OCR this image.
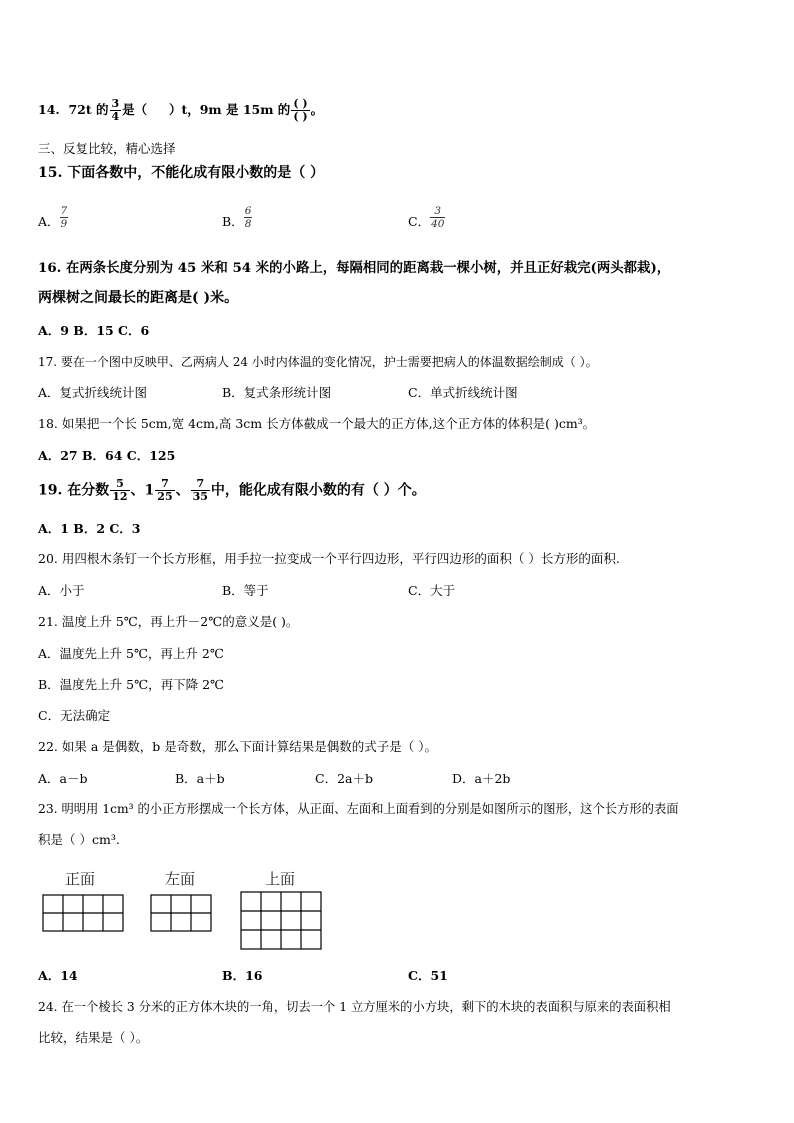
14. 72t 的 $\frac{3}{4}$ 是（ ）t，9m 是 15m 的 $\frac{( )}{( )}$ 。
三、反复比较，精心选择
15. 下面各数中，不能化成有限小数的是（ ）
A． $\frac{7}{9}$	B． $\frac{6}{8}$	C． $\frac{3}{40}$
16. 在两条长度分别为 45 米和 54 米的小路上，每隔相同的距离栽一棵小树，并且正好栽完(两头都栽)，
两棵树之间最长的距离是( )米。
A．9 B．15 C．6
17. 要在一个图中反映甲、乙两病人 24 小时内体温的变化情况，护士需要把病人的体温数据绘制成（ ）。
A．复式折线统计图	B．复式条形统计图	C．单式折线统计图
18. 如果把一个长 5cm,宽 4cm,高 3cm 长方体截成一个最大的正方体,这个正方体的体积是( )cm³。
A．27 B．64 C．125
19. 在分数 $\frac{5}{12}$ 、$1 \frac{7}{25}$ 、 $\frac{7}{35}$ 中，能化成有限小数的有（ ）个。
A．1 B．2 C．3
20. 用四根木条钉一个长方形框，用手拉一拉变成一个平行四边形，平行四边形的面积（ ）长方形的面积.
A．小于	B．等于	C．大于
21. 温度上升 5℃，再上升－2℃的意义是( )。
A．温度先上升 5℃，再上升 2℃
B．温度先上升 5℃，再下降 2℃
C．无法确定
22. 如果 a 是偶数，b 是奇数，那么下面计算结果是偶数的式子是（ ）。
A．a－b	B．a＋b	C．2a＋b	D．a＋2b
23. 明明用 1cm³ 的小正方形摆成一个长方体，从正面、左面和上面看到的分别是如图所示的图形，这个长方形的表面
积是（ ）cm³.
正面	左面	上面
A．14	B．16	C．51
24. 在一个棱长 3 分米的正方体木块的一角，切去一个 1 立方厘米的小方块，剩下的木块的表面积与原来的表面积相
比较，结果是（ ）。
